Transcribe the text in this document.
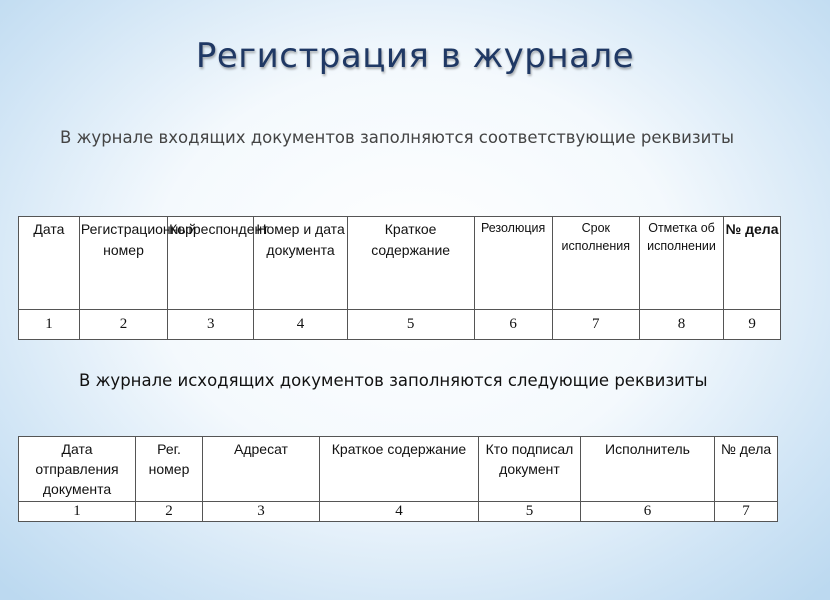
Регистрация в журнале
В журнале входящих документов заполняются соответствующие реквизиты
Дата	Регистрационный номер	Корреспондент	Номер и дата документа	Краткое содержание	Резолюция	Срок исполнения	Отметка об исполнении	№ дела
1	2	3	4	5	6	7	8	9
В журнале исходящих документов заполняются следующие реквизиты
Дата отправления документа	Рег. номер	Адресат	Краткое содержание	Кто подписал документ	Исполнитель	№ дела
1	2	3	4	5	6	7
